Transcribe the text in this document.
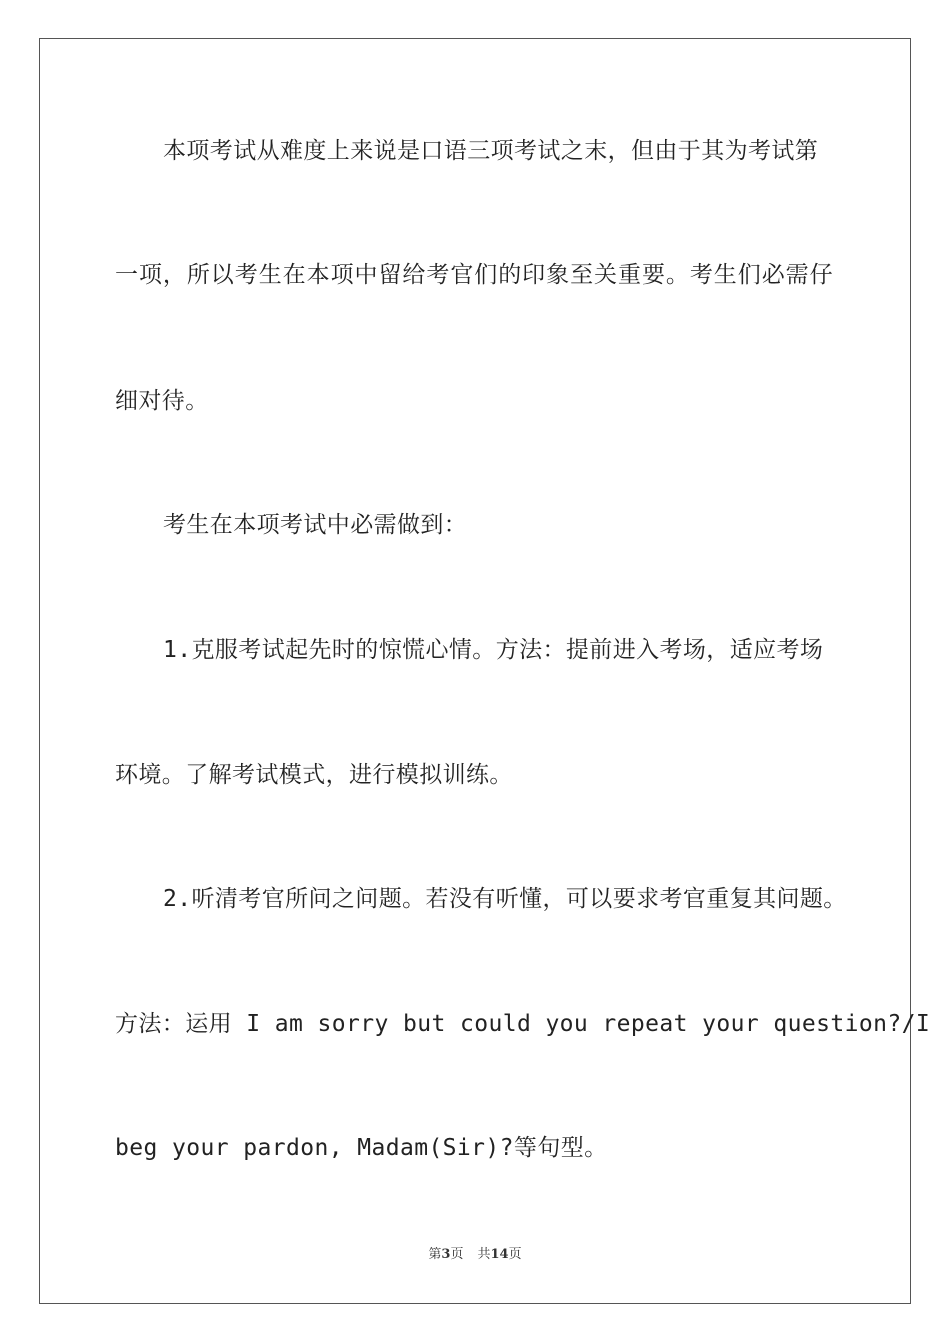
本项考试从难度上来说是口语三项考试之末，但由于其为考试第
一项，所以考生在本项中留给考官们的印象至关重要。考生们必需仔
细对待。
考生在本项考试中必需做到：
1.克服考试起先时的惊慌心情。方法：提前进入考场，适应考场
环境。了解考试模式，进行模拟训练。
2.听清考官所问之问题。若没有听懂，可以要求考官重复其问题。
方法：运用 I am sorry but could you repeat your question?/I
beg your pardon, Madam(Sir)?等句型。
第3页 共14页
